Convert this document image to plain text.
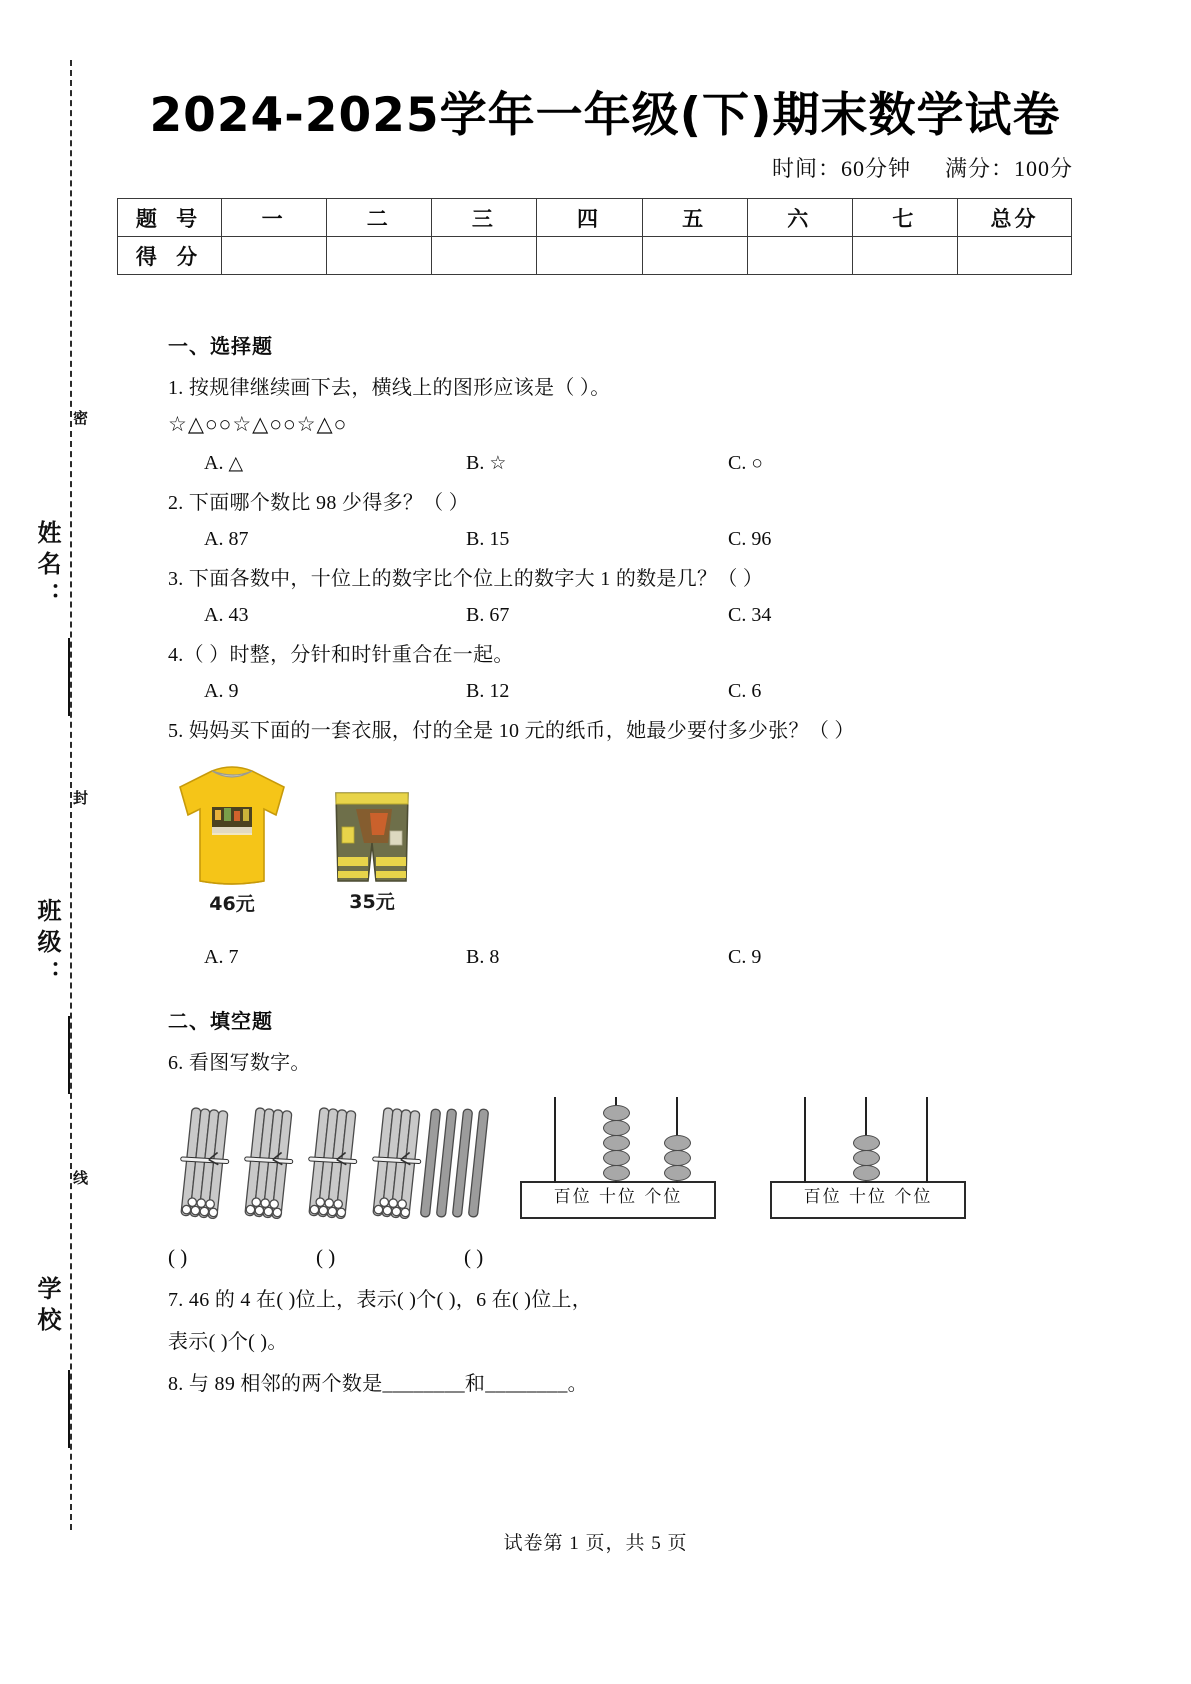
密
封
线
姓名：
班级：
学校
2024-2025学年一年级(下)期末数学试卷
时间：60分钟 满分：100分
题 号	一	二	三	四	五	六	七	总分
得 分								
一、选择题
1. 按规律继续画下去，横线上的图形应该是（ ）。
☆△○○☆△○○☆△○
A. △	B. ☆	C. ○
2. 下面哪个数比 98 少得多？（ ）
A. 87	B. 15	C. 96
3. 下面各数中，十位上的数字比个位上的数字大 1 的数是几？（ ）
A. 43	B. 67	C. 34
4.（ ）时整，分针和时针重合在一起。
A. 9	B. 12	C. 6
5. 妈妈买下面的一套衣服，付的全是 10 元的纸币，她最少要付多少张？（ ）
46元	35元
A. 7	B. 8	C. 9
二、填空题
6. 看图写数字。
百位 十位 个位	百位 十位 个位
( )	( )	( )
7. 46 的 4 在( )位上，表示( )个( )，6 在( )位上，
表示( )个( )。
8. 与 89 相邻的两个数是________和________。
试卷第 1 页，共 5 页
